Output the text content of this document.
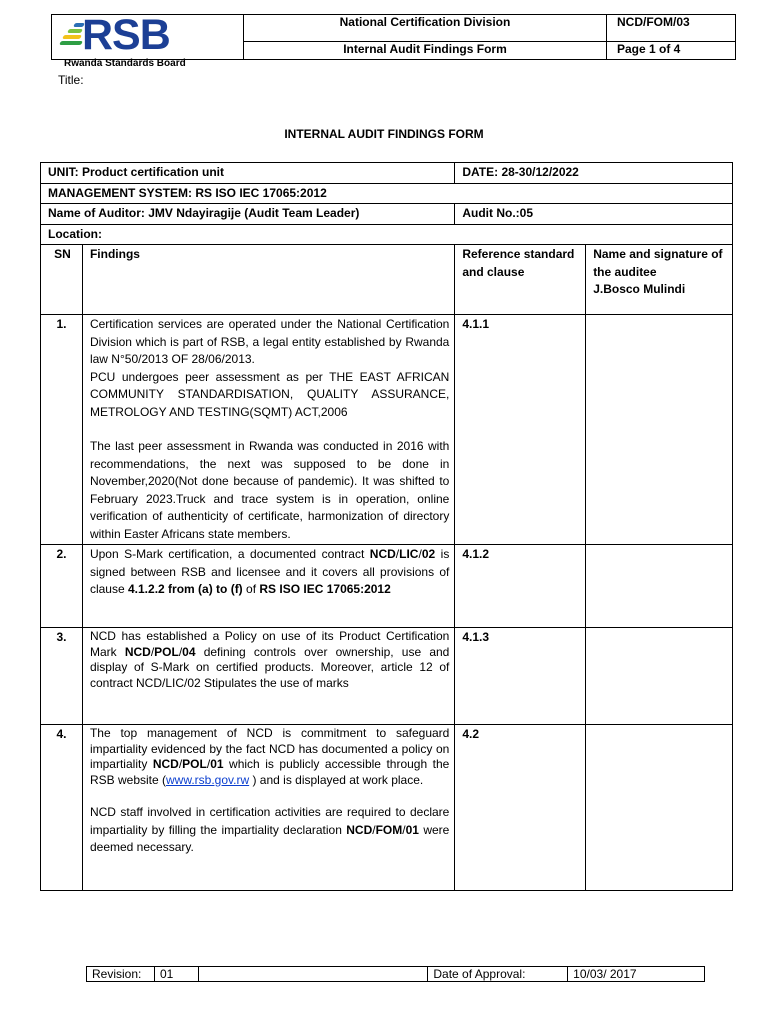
RSB
Rwanda Standards Board	National Certification Division	NCD/FOM/03
	Internal Audit Findings Form	Page 1 of 4
Title:
INTERNAL AUDIT FINDINGS FORM
UNIT: Product certification unit		DATE: 28-30/12/2022	
MANAGEMENT SYSTEM: RS ISO IEC 17065:2012			
Name of Auditor: JMV Ndayiragije (Audit Team Leader)		Audit No.:05	
Location:			
SN	Findings	Reference standard and clause	Name and signature of the auditee
J.Bosco Mulindi

1.	Certification services are operated under the National Certification Division which is part of RSB, a legal entity established by Rwanda law N°50/2013 OF 28/06/2013.

PCU undergoes peer assessment as per THE EAST AFRICAN COMMUNITY STANDARDISATION, QUALITY ASSURANCE, METROLOGY AND TESTING(SQMT) ACT,2006

The last peer assessment in Rwanda was conducted in 2016 with recommendations, the next was supposed to be done in November,2020(Not done because of pandemic). It was shifted to February 2023.Truck and trace system is in operation, online verification of authenticity of certificate, harmonization of directory within Easter Africans state members.	4.1.1	
2.	Upon S-Mark certification, a documented contract NCD/LIC/02 is signed between RSB and licensee and it covers all provisions of clause 4.1.2.2 from (a) to (f) of RS ISO IEC 17065:2012	4.1.2	
3.	NCD has established a Policy on use of its Product Certification Mark NCD/POL/04 defining controls over ownership, use and display of S-Mark on certified products. Moreover, article 12 of contract NCD/LIC/02 Stipulates the use of marks	4.1.3	
4.	The top management of NCD is commitment to safeguard impartiality evidenced by the fact NCD has documented a policy on impartiality NCD/POL/01 which is publicly accessible through the RSB website (www.rsb.gov.rw ) and is displayed at work place.

NCD staff involved in certification activities are required to declare impartiality by filling the impartiality declaration NCD/FOM/01 were deemed necessary.	4.2	
Revision:	01		Date of Approval:	10/03/ 2017
